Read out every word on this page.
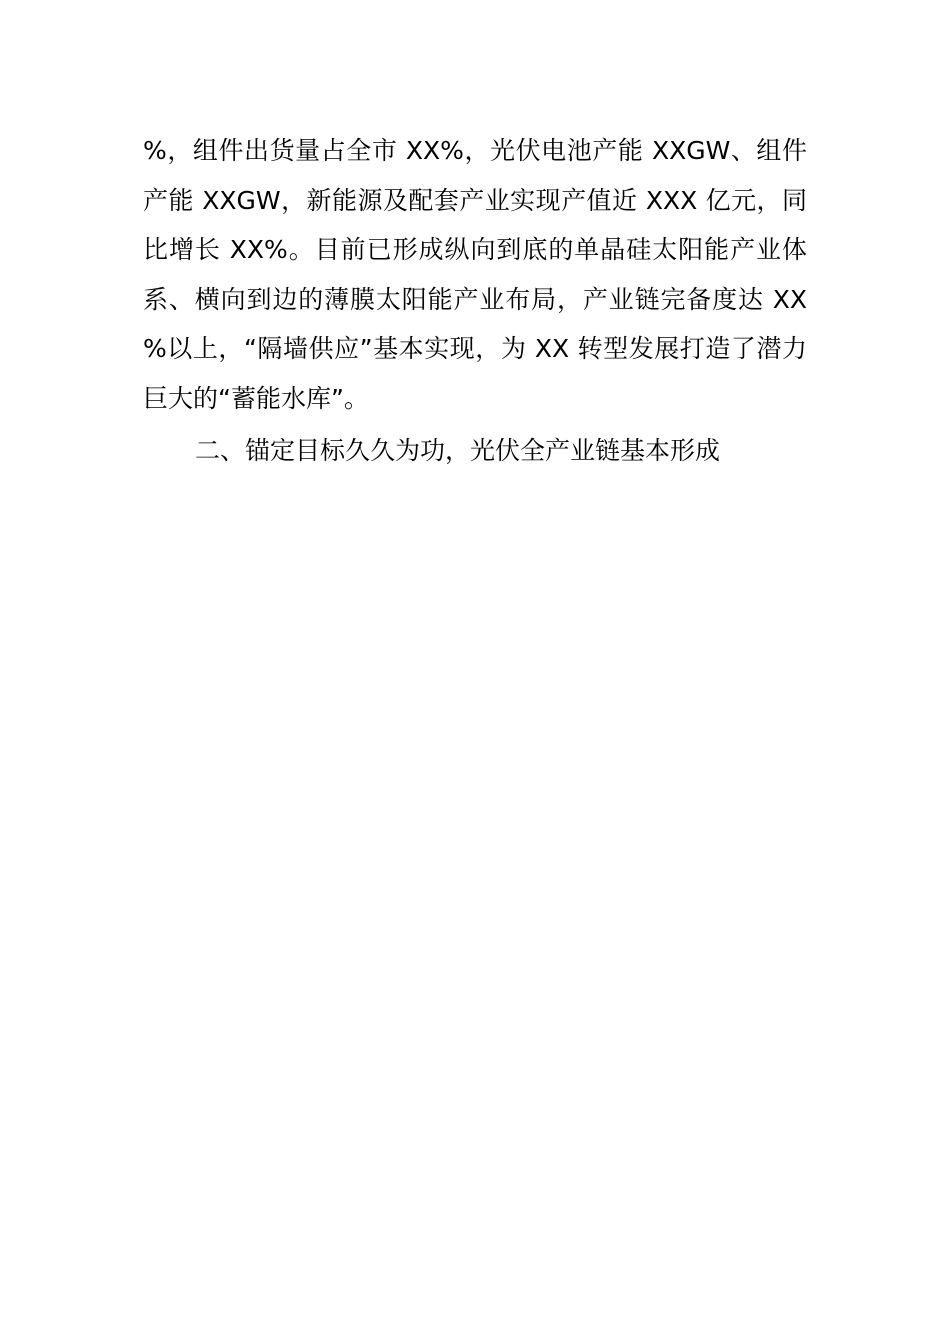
%，组件出货量占全市 XX%，光伏电池产能 XXGW、组件
产能 XXGW，新能源及配套产业实现产值近 XXX 亿元，同
比增长 XX%。目前已形成纵向到底的单晶硅太阳能产业体
系、横向到边的薄膜太阳能产业布局，产业链完备度达 XX
%以上，“隔墙供应”基本实现，为 XX 转型发展打造了潜力
巨大的“蓄能水库”。
二、锚定目标久久为功，光伏全产业链基本形成
